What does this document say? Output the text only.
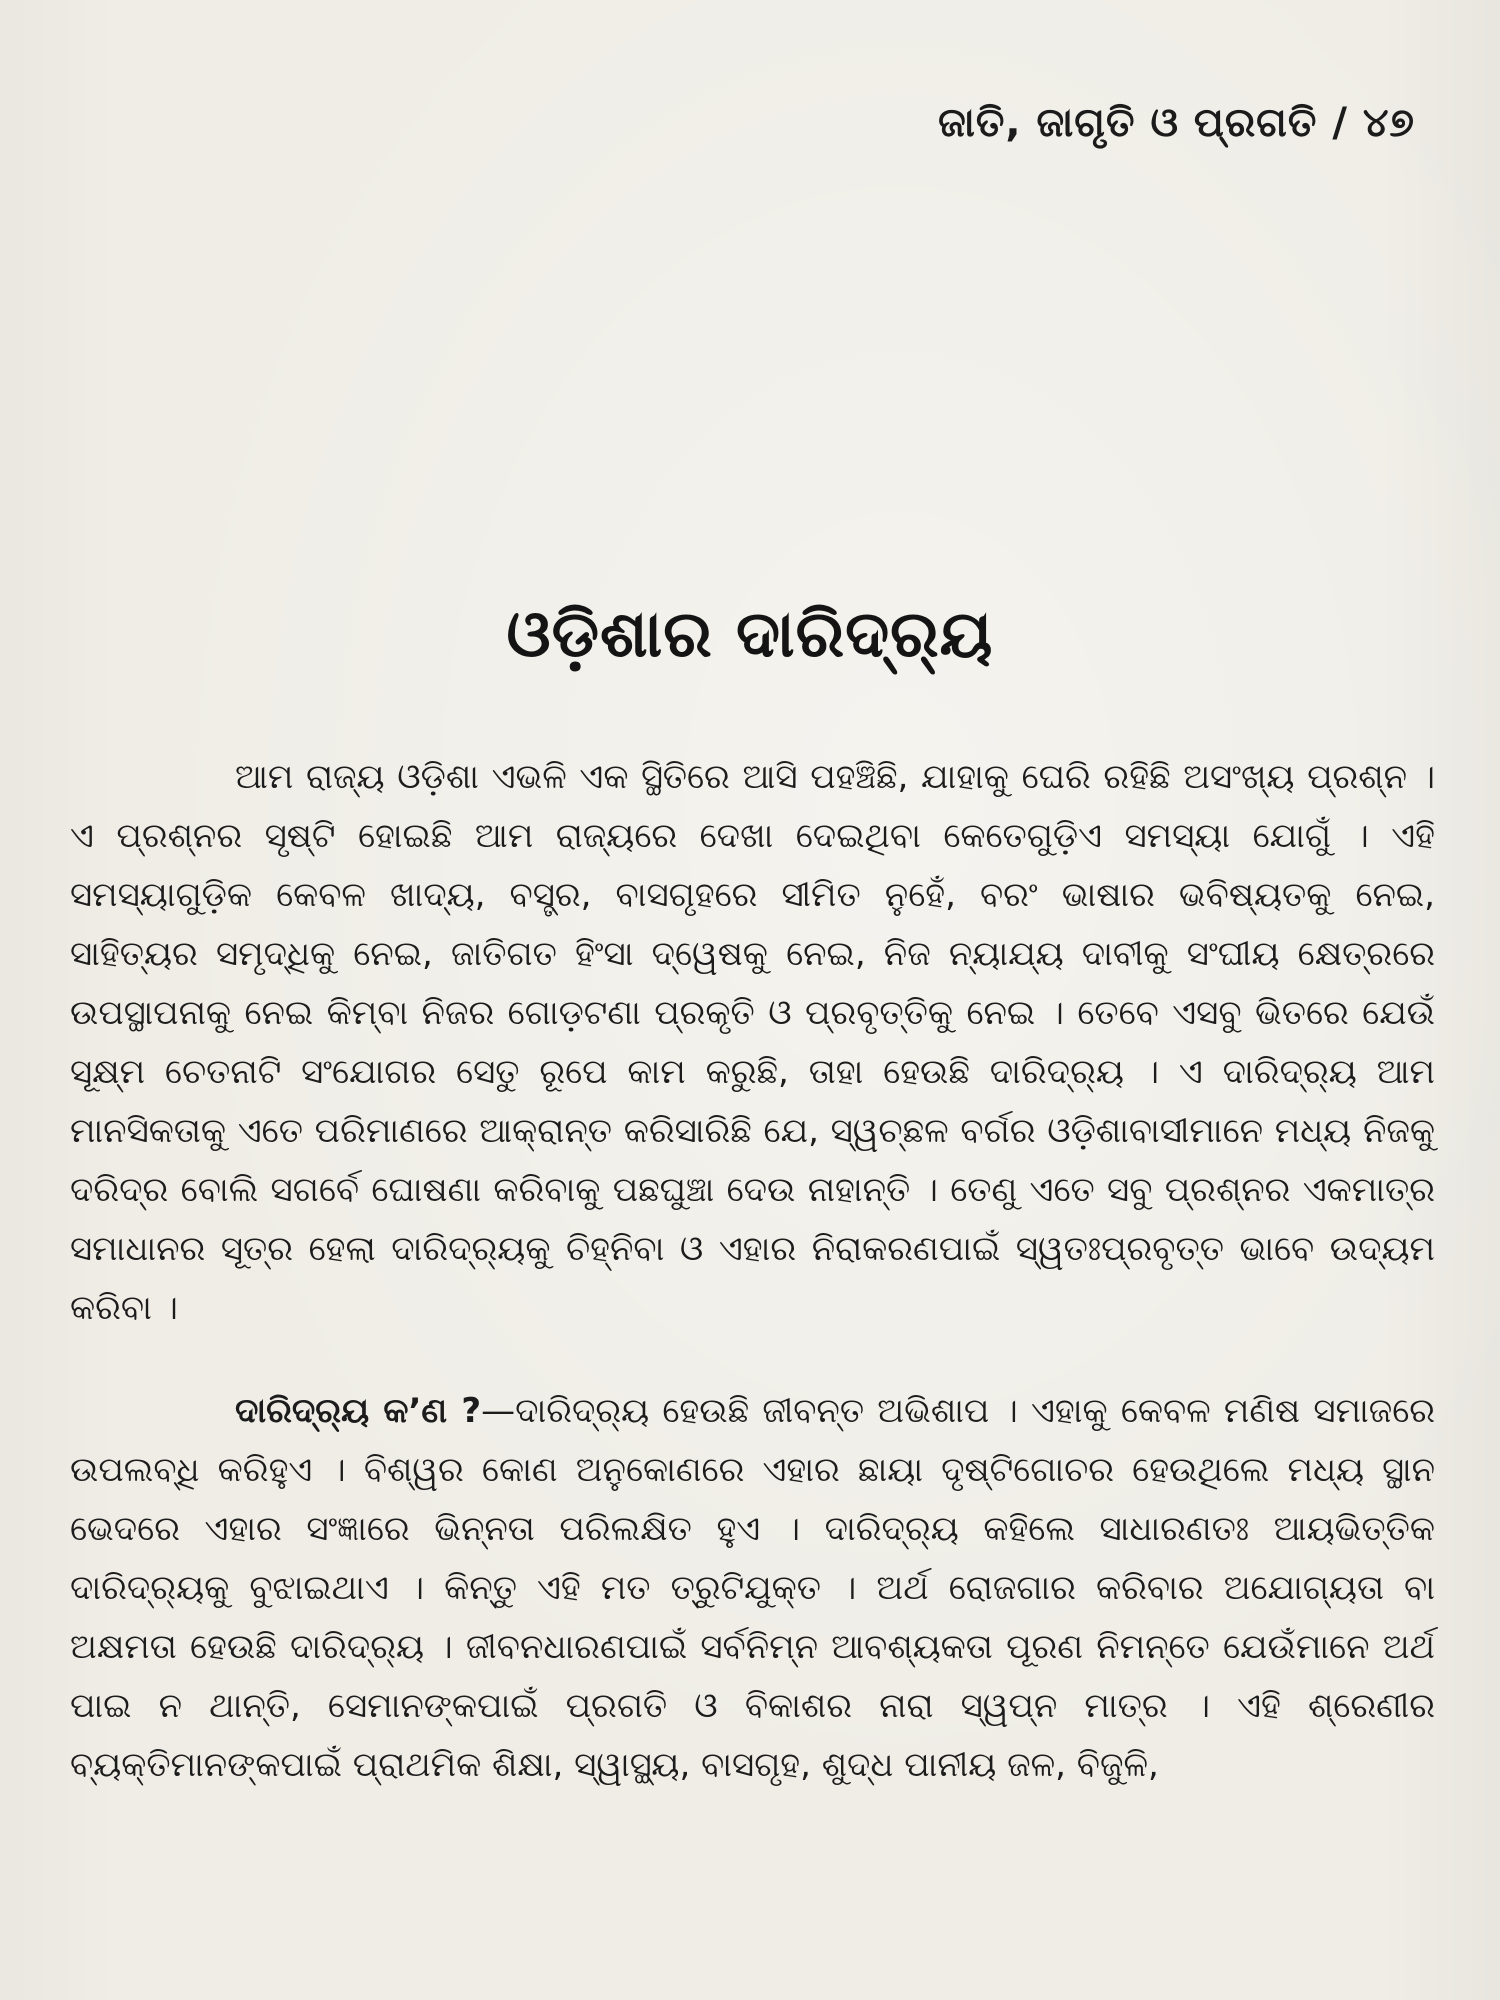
ଜାତି, ଜାଗୃତି ଓ ପ୍ରଗତି / ୪୭
ଓଡ଼ିଶାର ଦାରିଦ୍ର୍ୟ

ଆମ ରାଜ୍ୟ ଓଡ଼ିଶା ଏଭଳି ଏକ ସ୍ଥିତିରେ ଆସି ପହଞ୍ଚିଛି, ଯାହାକୁ ଘେରି ରହିଛି ଅସଂଖ୍ୟ ପ୍ରଶ୍ନ । ଏ ପ୍ରଶ୍ନର ସୃଷ୍ଟି ହୋଇଛି ଆମ ରାଜ୍ୟରେ ଦେଖା ଦେଇଥିବା କେତେଗୁଡ଼ିଏ ସମସ୍ୟା ଯୋଗୁଁ । ଏହି ସମସ୍ୟାଗୁଡ଼ିକ କେବଳ ଖାଦ୍ୟ, ବସ୍ତ୍ର, ବାସଗୃହରେ ସୀମିତ ନୁହେଁ, ବରଂ ଭାଷାର ଭବିଷ୍ୟତକୁ ନେଇ, ସାହିତ୍ୟର ସମୃଦ୍ଧିକୁ ନେଇ, ଜାତିଗତ ହିଂସା ଦ୍ୱେଷକୁ ନେଇ, ନିଜ ନ୍ୟାଯ୍ୟ ଦାବୀକୁ ସଂଘୀୟ କ୍ଷେତ୍ରରେ ଉପସ୍ଥାପନାକୁ ନେଇ କିମ୍ବା ନିଜର ଗୋଡ଼ଟଣା ପ୍ରକୃତି ଓ ପ୍ରବୃତ୍ତିକୁ ନେଇ । ତେବେ ଏସବୁ ଭିତରେ ଯେଉଁ ସୂକ୍ଷ୍ମ ଚେତନାଟି ସଂଯୋଗର ସେତୁ ରୂପେ କାମ କରୁଛି, ତାହା ହେଉଛି ଦାରିଦ୍ର୍ୟ । ଏ ଦାରିଦ୍ର୍ୟ ଆମ ମାନସିକତାକୁ ଏତେ ପରିମାଣରେ ଆକ୍ରାନ୍ତ କରିସାରିଛି ଯେ, ସ୍ୱଚ୍ଛଳ ବର୍ଗର ଓଡ଼ିଶାବାସୀମାନେ ମଧ୍ୟ ନିଜକୁ ଦରିଦ୍ର ବୋଲି ସଗର୍ବେ ଘୋଷଣା କରିବାକୁ ପଛଘୁଞ୍ଚା ଦେଉ ନାହାନ୍ତି । ତେଣୁ ଏତେ ସବୁ ପ୍ରଶ୍ନର ଏକମାତ୍ର ସମାଧାନର ସୂତ୍ର ହେଲା ଦାରିଦ୍ର୍ୟକୁ ଚିହ୍ନିବା ଓ ଏହାର ନିରାକରଣପାଇଁ ସ୍ୱତଃପ୍ରବୃତ୍ତ ଭାବେ ଉଦ୍ୟମ କରିବା ।

ଦାରିଦ୍ର୍ୟ କ’ଣ ?—ଦାରିଦ୍ର୍ୟ ହେଉଛି ଜୀବନ୍ତ ଅଭିଶାପ । ଏହାକୁ କେବଳ ମଣିଷ ସମାଜରେ ଉପଲବ୍ଧି କରିହୁଏ । ବିଶ୍ୱର କୋଣ ଅନୁକୋଣରେ ଏହାର ଛାୟା ଦୃଷ୍ଟିଗୋଚର ହେଉଥିଲେ ମଧ୍ୟ ସ୍ଥାନ ଭେଦରେ ଏହାର ସଂଜ୍ଞାରେ ଭିନ୍ନତା ପରିଲକ୍ଷିତ ହୁଏ । ଦାରିଦ୍ର୍ୟ କହିଲେ ସାଧାରଣତଃ ଆୟଭିତ୍ତିକ ଦାରିଦ୍ର୍ୟକୁ ବୁଝାଇଥାଏ । କିନ୍ତୁ ଏହି ମତ ତ୍ରୁଟିଯୁକ୍ତ । ଅର୍ଥ ରୋଜଗାର କରିବାର ଅଯୋଗ୍ୟତା ବା ଅକ୍ଷମତା ହେଉଛି ଦାରିଦ୍ର୍ୟ । ଜୀବନଧାରଣପାଇଁ ସର୍ବନିମ୍ନ ଆବଶ୍ୟକତା ପୂରଣ ନିମନ୍ତେ ଯେଉଁମାନେ ଅର୍ଥ ପାଇ ନ ଥାନ୍ତି, ସେମାନଙ୍କପାଇଁ ପ୍ରଗତି ଓ ବିକାଶର ନାରା ସ୍ୱପ୍ନ ମାତ୍ର । ଏହି ଶ୍ରେଣୀର ବ୍ୟକ୍ତିମାନଙ୍କପାଇଁ ପ୍ରାଥମିକ ଶିକ୍ଷା, ସ୍ୱାସ୍ଥ୍ୟ, ବାସଗୃହ, ଶୁଦ୍ଧ ପାନୀୟ ଜଳ, ବିଜୁଳି,
